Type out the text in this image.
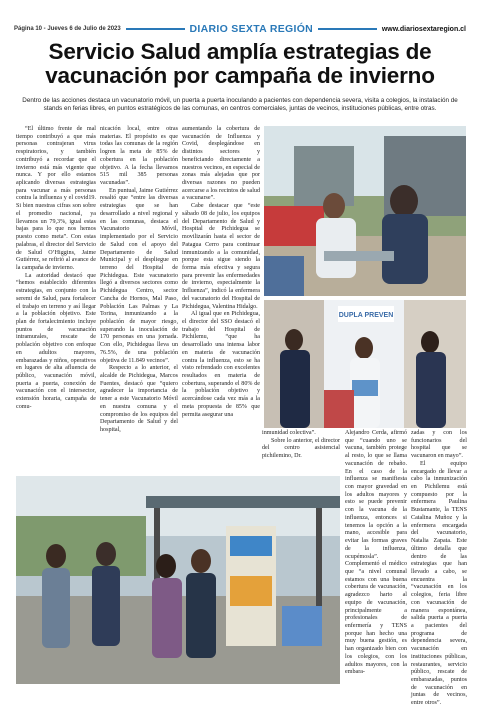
Página 10 - Jueves 6 de Julio de 2023	DIARIO SEXTA REGIÓN	www.diariosextaregion.cl
Servicio Salud amplía estrategias de
vacunación por campaña de invierno
Dentro de las acciones destaca un vacunatorio móvil, un puerta a puerta inoculando a pacientes con dependencia severa, visita a colegios, la instalación de stands en ferias libres, en puntos estratégicos de las comunas, en centros comerciales, juntas de vecinos, instituciones públicas, entre otras.

“El último frente de mal tiempo contribuyó a que más personas contrajeran virus respiratorios, y también contribuyó a recordar que el invierno está más vigente que nunca. Y por ello estamos aplicando diversas estrategias para vacunar a más personas contra la influenza y el covid19. Si bien nuestras cifras son sobre el promedio nacional, ya llevamos un 79,3%, igual estas bajas para lo que nos hemos puesto como meta”. Con estas palabras, el director del Servicio de Salud O’Higgins, Jaime Gutiérrez, se refirió al avance de la campaña de invierno.

La autoridad destacó que “hemos establecido diferentes estrategias, en conjunto con la seremi de Salud, para fortalecer el trabajo en terreno y así llegar a la población objetivo. Este plan de fortalecimiento incluye puntos de vacunación intramurales, rescate de población objetivo con enfoque en adultos mayores, embarazadas y niños, operativos en lugares de alta afluencia de público, vacunación móvil, puerta a puerta, conexión de vacunación con el intersector, extensión horaria, campaña de comu-

nicación local, entre otras materias. El propósito es que todas las comunas de la región logren la meta de 85% de cobertura en la población objetivo. A la fecha llevamos 515 mil 385 personas vacunadas”.

En puntual, Jaime Gutiérrez resaltó que “entre las diversas estrategias que se han desarrollado a nivel regional y en las comunas, destaca el Vacunatorio Móvil, implementado por el Servicio de Salud con el apoyo del Departamento de Salud Municipal y el despliegue en terreno del Hospital de Pichidegua. Este vacunatorio llegó a diversos sectores como Pichidegua Centro, sector Cancha de Hornos, Mal Paso, Población Las Palmas y La Torina, inmunizando a la población de mayor riesgo, superando la inoculación de 170 personas en una jornada. Con ello, Pichidegua lleva un 76.5%, de una población objetiva de 11.849 vecinos”.

Respecto a lo anterior, el alcalde de Pichidegua, Marcos Fuentes, destacó que “quiero agradecer la importancia de tener a este Vacunatorio Móvil en nuestra comuna y el compromiso de los equipos del Departamento de Salud y del hospital,

aumentando la cobertura de vacunación de Influenza y Covid, desplegándose en distintos sectores y beneficiando directamente a nuestros vecinos, en especial de zonas más alejadas que por diversas razones no pueden acercarse a los recintos de salud a vacunarse”.

Cabe destacar que “este sábado 08 de julio, los equipos del Departamento de Salud y Hospital de Pichidegua se movilizarán hasta el sector de Patagua Cerro para continuar inmunizando a la comunidad, porque esta sigue siendo la forma más efectiva y segura para prevenir las enfermedades de invierno, especialmente la Influenza”, indicó la enfermera del vacunatorio del Hospital de Pichidegua, Valentina Hidalgo.

Al igual que en Pichidegua, el director del SSO destacó el trabajo del Hospital de Pichilemu, “que ha desarrollado una intensa labor en materia de vacunación contra la influenza, esto se ha visto refrendado con excelentes resultados en materia de cobertura, superando el 80% de la población objetivo y acercándose cada vez más a la meta propuesta de 85% que permita asegurar una

inmunidad colectiva”.

Sobre lo anterior, el director del centro asistencial pichilemino, Dr.

Alejandro Cerda, afirmó que “cuando uno se vacuna, también protege al resto, lo que se llama vacunación de rebaño. En el caso de la influenza se manifiesta con mayor gravedad en los adultos mayores y esto se puede prevenir con la vacuna de la influenza, entonces si tenemos la opción a la mano, accesible para evitar las formas graves de la influenza, ocupémosla”. Complementó el médico que “a nivel comunal estamos con una buena cobertura de vacunación, agradezco harto al equipo de vacunación, principalmente a profesionales de enfermería y TENS porque han hecho una muy buena gestión, es han organizado bien con los colegios, con los adultos mayores, con la embara-

zadas y con los funcionarios del hospital que se vacunaron en mayo”.

El equipo encargado de llevar a cabo la inmunización en Pichilemu está compuesto por la enfermera Paulina Bustamante, la TENS Catalina Muñoz y la enfermera encargada del vacunatorio, Natalia Zapata. Este último detalla que dentro de las estrategias que han llevado a cabo, se encuentra la “vacunación en los colegios, feria libre con vacunación de manera espontánea, salida puerta a puerta a pacientes del programa de dependencia severa, vacunación en instituciones públicas, restaurantes, servicio público, rescate de embarazadas, puntos de vacunación en juntas de vecinos, entre otros”.

DUPLA PREVEN
